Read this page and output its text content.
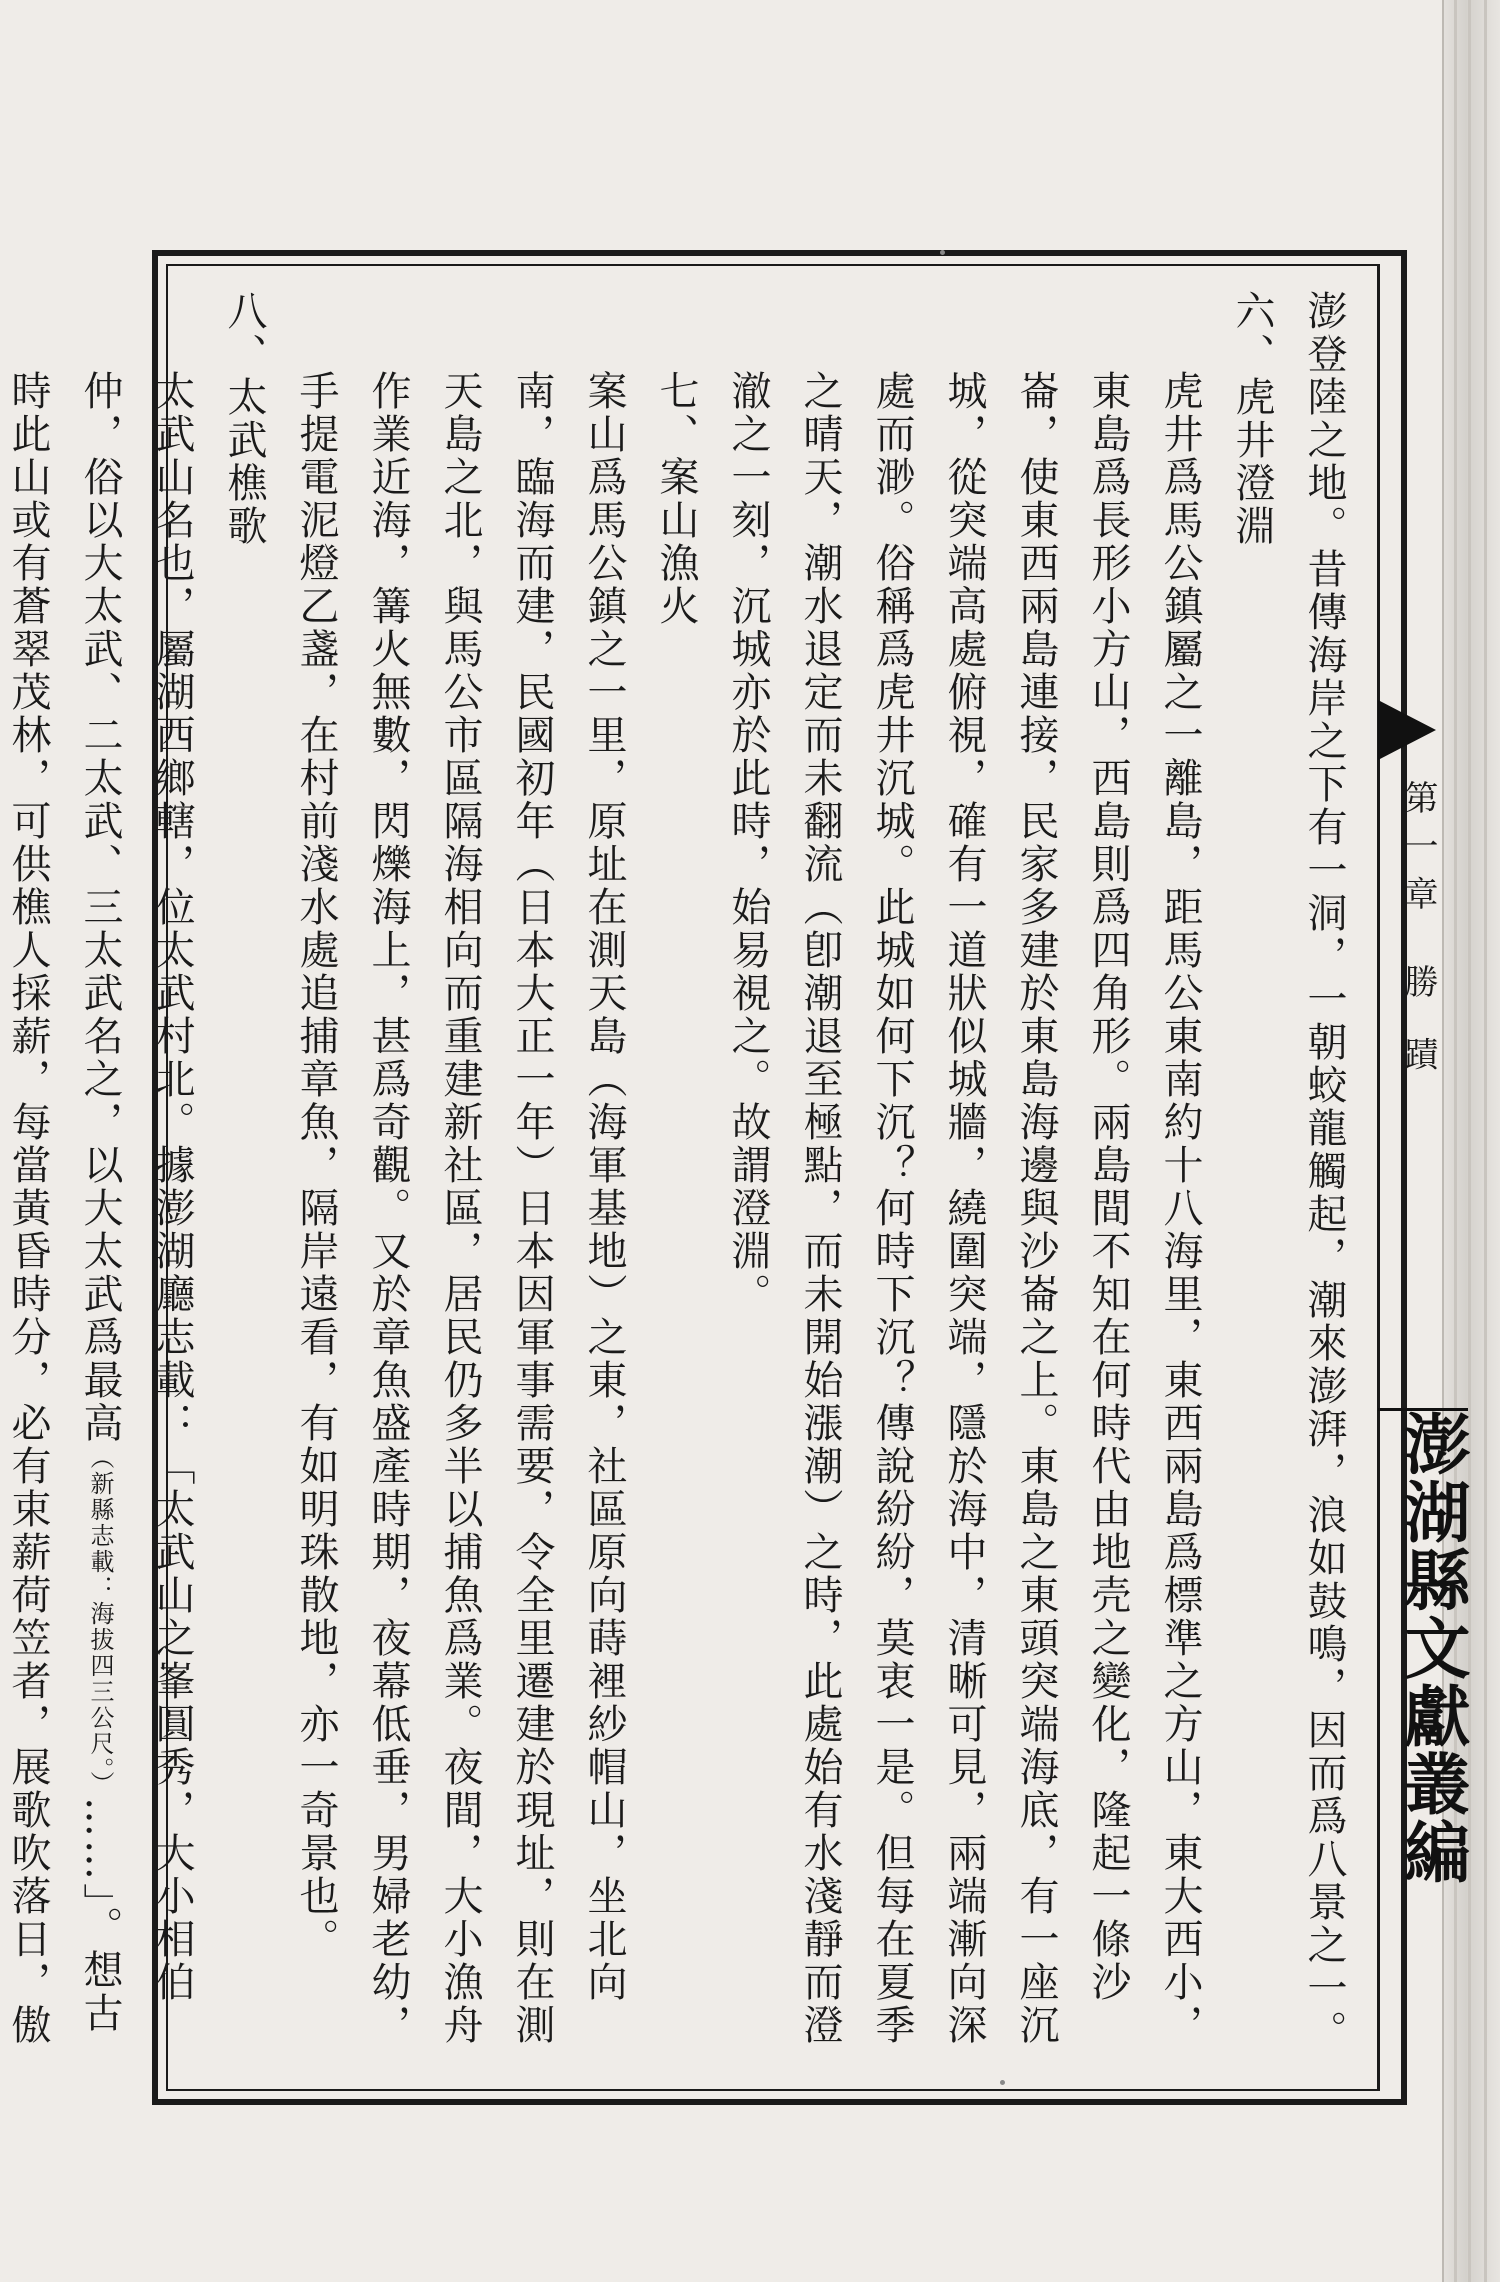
第一章勝 蹟
澎湖縣文獻叢編

澎登陸之地。昔傳海岸之下有一洞，一朝蛟龍觸起，潮來澎湃，浪如鼓鳴，因而爲八景之一。

六、虎井澄淵

虎井爲馬公鎮屬之一離島，距馬公東南約十八海里，東西兩島爲標準之方山，東大西小，東島爲長形小方山，西島則爲四角形。兩島間不知在何時代由地壳之變化，隆起一條沙崙，使東西兩島連接，民家多建於東島海邊與沙崙之上。東島之東頭突端海底，有一座沉城，從突端高處俯視，確有一道狀似城牆，繞圍突端，隱於海中，清晰可見，兩端漸向深處而渺。俗稱爲虎井沉城。此城如何下沉？何時下沉？傳說紛紛，莫衷一是。但每在夏季之晴天，潮水退定而未翻流（卽潮退至極點，而未開始漲潮）之時，此處始有水淺靜而澄澈之一刻，沉城亦於此時，始易視之。故謂澄淵。

七、案山漁火

案山爲馬公鎮之一里，原址在測天島（海軍基地）之東，社區原向蒔裡紗帽山，坐北向南，臨海而建，民國初年（日本大正一年）日本因軍事需要，令全里遷建於現址，則在測天島之北，與馬公市區隔海相向而重建新社區，居民仍多半以捕魚爲業。夜間，大小漁舟作業近海，篝火無數，閃爍海上，甚爲奇觀。又於章魚盛產時期，夜幕低垂，男婦老幼，手提電泥燈乙盞，在村前淺水處追捕章魚，隔岸遠看，有如明珠散地，亦一奇景也。

八、太武樵歌

太武山名也，屬湖西鄉轄，位太武村北。據澎湖廳志載：「太武山之峯圓秀，大小相伯仲，俗以大太武、二太武、三太武名之，以大太武爲最高（新縣志載：海拔四三公尺。）……」。想古時此山或有蒼翠茂林，可供樵人採薪，每當黃昏時分，必有束薪荷笠者，展歌吹落日，傲
